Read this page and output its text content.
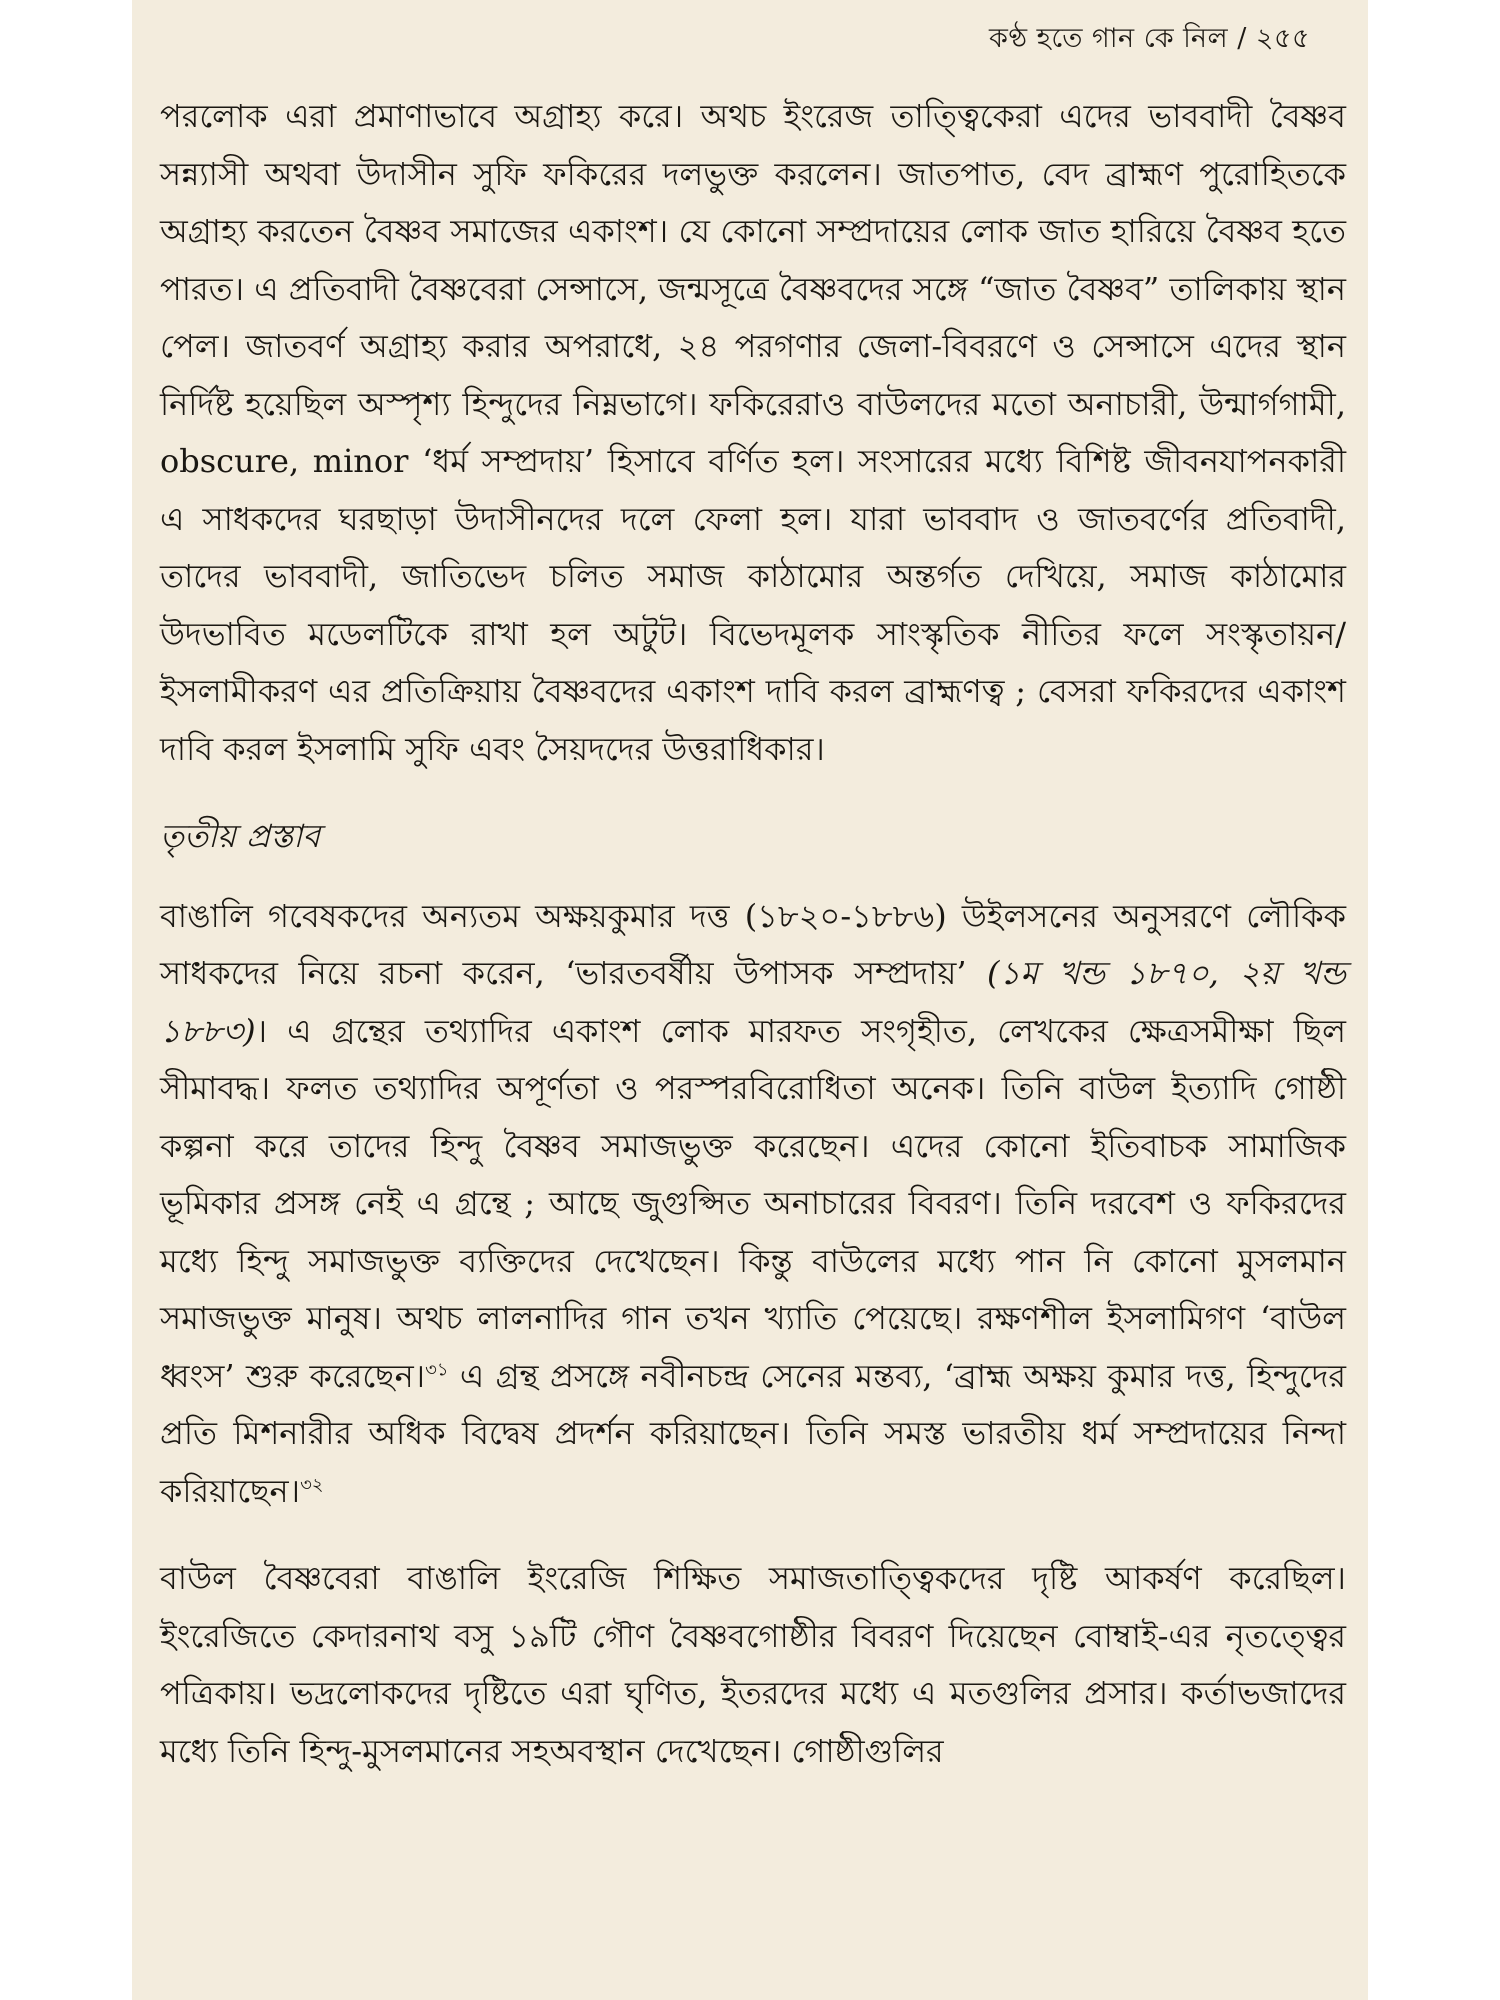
কণ্ঠ হতে গান কে নিল / ২৫৫

পরলোক এরা প্রমাণাভাবে অগ্রাহ্য করে। অথচ ইংরেজ তাত্ত্বিকেরা এদের ভাববাদী বৈষ্ণব সন্ন্যাসী অথবা উদাসীন সুফি ফকিরের দলভুক্ত করলেন। জাতপাত, বেদ ব্রাহ্মণ পুরোহিতকে অগ্রাহ্য করতেন বৈষ্ণব সমাজের একাংশ। যে কোনো সম্প্রদায়ের লোক জাত হারিয়ে বৈষ্ণব হতে পারত। এ প্রতিবাদী বৈষ্ণবেরা সেন্সাসে, জন্মসূত্রে বৈষ্ণবদের সঙ্গে “জাত বৈষ্ণব” তালিকায় স্থান পেল। জাতবর্ণ অগ্রাহ্য করার অপরাধে, ২৪ পরগণার জেলা-বিবরণে ও সেন্সাসে এদের স্থান নির্দিষ্ট হয়েছিল অস্পৃশ্য হিন্দুদের নিম্নভাগে। ফকিরেরাও বাউলদের মতো অনাচারী, উন্মার্গগামী, obscure, minor ‘ধর্ম সম্প্রদায়’ হিসাবে বর্ণিত হল। সংসারের মধ্যে বিশিষ্ট জীবনযাপনকারী এ সাধকদের ঘরছাড়া উদাসীনদের দলে ফেলা হল। যারা ভাববাদ ও জাতবর্ণের প্রতিবাদী, তাদের ভাববাদী, জাতিভেদ চলিত সমাজ কাঠামোর অন্তর্গত দেখিয়ে, সমাজ কাঠামোর উদভাবিত মডেলটিকে রাখা হল অটুট। বিভেদমূলক সাংস্কৃতিক নীতির ফলে সংস্কৃতায়ন/ইসলামীকরণ এর প্রতিক্রিয়ায় বৈষ্ণবদের একাংশ দাবি করল ব্রাহ্মণত্ব ; বেসরা ফকিরদের একাংশ দাবি করল ইসলামি সুফি এবং সৈয়দদের উত্তরাধিকার।

তৃতীয় প্রস্তাব

বাঙালি গবেষকদের অন্যতম অক্ষয়কুমার দত্ত (১৮২০-১৮৮৬) উইলসনের অনুসরণে লৌকিক সাধকদের নিয়ে রচনা করেন, ‘ভারতবর্ষীয় উপাসক সম্প্রদায়’ (১ম খন্ড ১৮৭০, ২য় খন্ড ১৮৮৩)। এ গ্রন্থের তথ্যাদির একাংশ লোক মারফত সংগৃহীত, লেখকের ক্ষেত্রসমীক্ষা ছিল সীমাবদ্ধ। ফলত তথ্যাদির অপূর্ণতা ও পরস্পরবিরোধিতা অনেক। তিনি বাউল ইত্যাদি গোষ্ঠী কল্পনা করে তাদের হিন্দু বৈষ্ণব সমাজভুক্ত করেছেন। এদের কোনো ইতিবাচক সামাজিক ভূমিকার প্রসঙ্গ নেই এ গ্রন্থে ; আছে জুগুপ্সিত অনাচারের বিবরণ। তিনি দরবেশ ও ফকিরদের মধ্যে হিন্দু সমাজভুক্ত ব্যক্তিদের দেখেছেন। কিন্তু বাউলের মধ্যে পান নি কোনো মুসলমান সমাজভুক্ত মানুষ। অথচ লালনাদির গান তখন খ্যাতি পেয়েছে। রক্ষণশীল ইসলামিগণ ‘বাউল ধ্বংস’ শুরু করেছেন।$^{৩১}$ এ গ্রন্থ প্রসঙ্গে নবীনচন্দ্র সেনের মন্তব্য, ‘ব্রাহ্ম অক্ষয় কুমার দত্ত, হিন্দুদের প্রতি মিশনারীর অধিক বিদ্বেষ প্রদর্শন করিয়াছেন। তিনি সমস্ত ভারতীয় ধর্ম সম্প্রদায়ের নিন্দা করিয়াছেন।$^{৩২}$

বাউল বৈষ্ণবেরা বাঙালি ইংরেজি শিক্ষিত সমাজতাত্ত্বিকদের দৃষ্টি আকর্ষণ করেছিল। ইংরেজিতে কেদারনাথ বসু ১৯টি গৌণ বৈষ্ণবগোষ্ঠীর বিবরণ দিয়েছেন বোম্বাই-এর নৃতত্ত্বের পত্রিকায়। ভদ্রলোকদের দৃষ্টিতে এরা ঘৃণিত, ইতরদের মধ্যে এ মতগুলির প্রসার। কর্তাভজাদের মধ্যে তিনি হিন্দু-মুসলমানের সহঅবস্থান দেখেছেন। গোষ্ঠীগুলির
